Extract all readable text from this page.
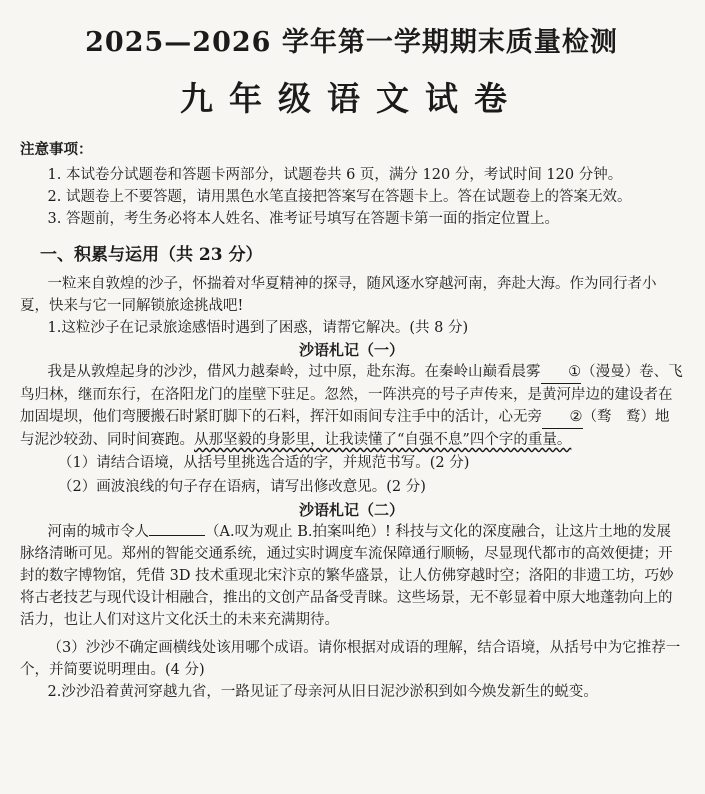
2025—2026 学年第一学期期末质量检测
九年级语文试卷
注意事项：

1. 本试卷分试题卷和答题卡两部分，试题卷共 6 页，满分 120 分，考试时间 120 分钟。

2. 试题卷上不要答题，请用黑色水笔直接把答案写在答题卡上。答在试题卷上的答案无效。

3. 答题前，考生务必将本人姓名、准考证号填写在答题卡第一面的指定位置上。

一、积累与运用（共 23 分）

一粒来自敦煌的沙子，怀揣着对华夏精神的探寻，随风逐水穿越河南，奔赴大海。作为同行者小夏，快来与它一同解锁旅途挑战吧!

1.这粒沙子在记录旅途感悟时遇到了困惑，请帮它解决。(共 8 分)

沙语札记（一）

我是从敦煌起身的沙沙，借风力越秦岭，过中原，赴东海。在秦岭山巅看晨雾 ①（漫曼）卷、飞鸟归林，继而东行，在洛阳龙门的崖壁下驻足。忽然，一阵洪亮的号子声传来，是黄河岸边的建设者在加固堤坝，他们弯腰搬石时紧盯脚下的石料，挥汗如雨间专注手中的活计，心无旁 ②（骛　鹜）地与泥沙较劲、同时间赛跑。从那坚毅的身影里，让我读懂了“自强不息”四个字的重量。

（1）请结合语境，从括号里挑选合适的字，并规范书写。(2 分)

（2）画波浪线的句子存在语病，请写出修改意见。(2 分)

沙语札记（二）

河南的城市令人	（A.叹为观止 B.拍案叫绝）! 科技与文化的深度融合，让这片土地的发展脉络清晰可见。郑州的智能交通系统，通过实时调度车流保障通行顺畅，尽显现代都市的高效便捷；开封的数字博物馆，凭借 3D 技术重现北宋汴京的繁华盛景，让人仿佛穿越时空；洛阳的非遗工坊，巧妙将古老技艺与现代设计相融合，推出的文创产品备受青睐。这些场景，无不彰显着中原大地蓬勃向上的活力，也让人们对这片文化沃土的未来充满期待。

（3）沙沙不确定画横线处该用哪个成语。请你根据对成语的理解，结合语境，从括号中为它推荐一个，并简要说明理由。(4 分)

2.沙沙沿着黄河穿越九省，一路见证了母亲河从旧日泥沙淤积到如今焕发新生的蜕变。
